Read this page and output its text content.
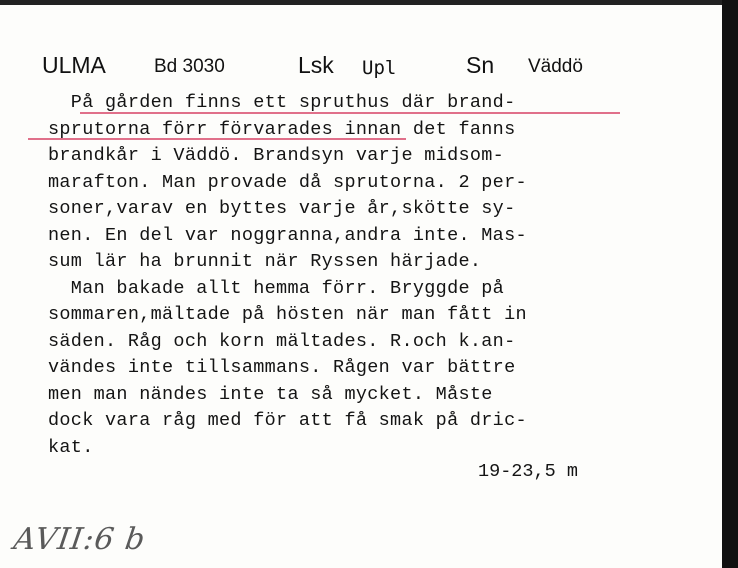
ULMA	Bd 3030	Lsk Upl	Sn Väddö
På gården finns ett spruthus där brand-
sprutorna förr förvarades innan det fanns
brandkår i Väddö. Brandsyn varje midsom-
marafton. Man provade då sprutorna. 2 per-
soner,varav en byttes varje år,skötte sy-
nen. En del var noggranna,andra inte. Mas-
sum lär ha brunnit när Ryssen härjade.
Man bakade allt hemma förr. Bryggde på
sommaren,mältade på hösten när man fått in
säden. Råg och korn mältades. R.och k.an-
vändes inte tillsammans. Rågen var bättre
men man nändes inte ta så mycket. Måste
dock vara råg med för att få smak på dric-
kat.
19-23,5 m
AVII:6 b
